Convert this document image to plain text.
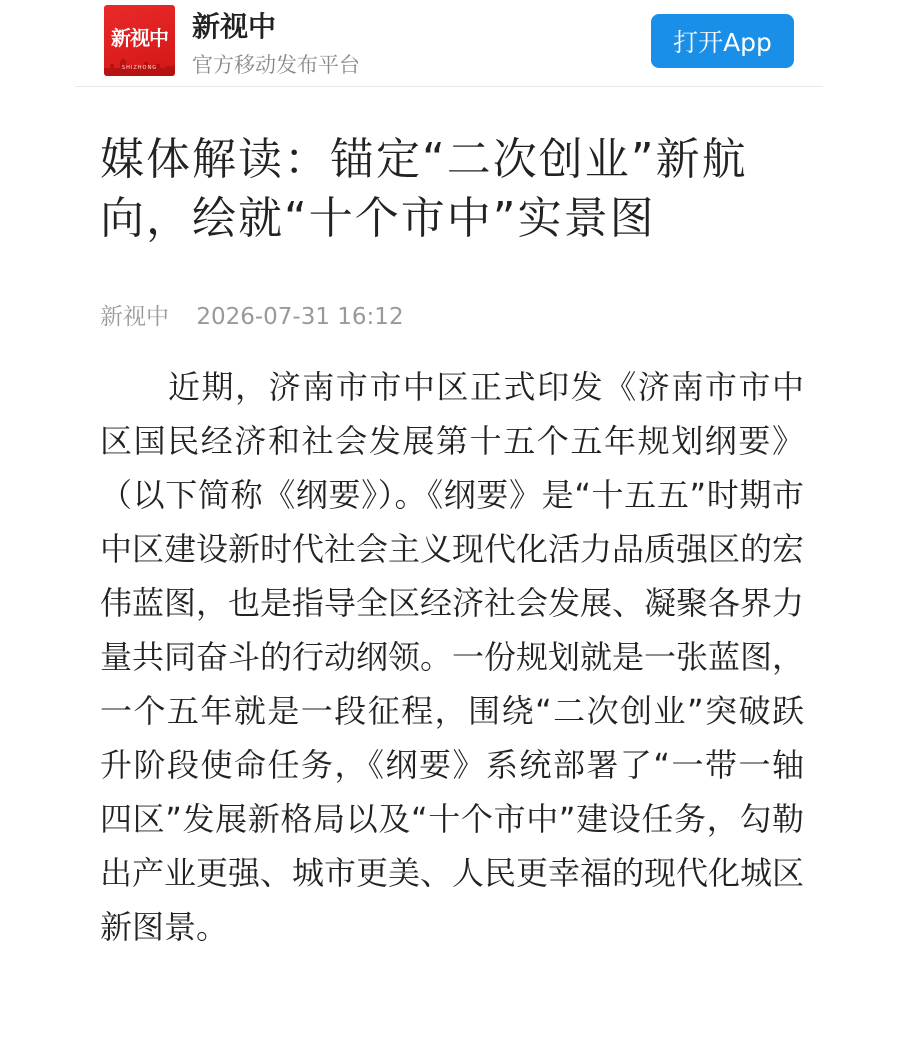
新视中
SHIZHONG
新视中
官方移动发布平台
打开App
媒体解读：锚定“二次创业”新航向，绘就“十个市中”实景图
新视中 2026-07-31 16:12

近期，济南市市中区正式印发《济南市市中区国民经济和社会发展第十五个五年规划纲要》（以下简称《纲要》）。《纲要》是“十五五”时期市中区建设新时代社会主义现代化活力品质强区的宏伟蓝图，也是指导全区经济社会发展、凝聚各界力量共同奋斗的行动纲领。一份规划就是一张蓝图，一个五年就是一段征程，围绕“二次创业”突破跃升阶段使命任务，《纲要》系统部署了“一带一轴四区”发展新格局以及“十个市中”建设任务，勾勒出产业更强、城市更美、人民更幸福的现代化城区新图景。
